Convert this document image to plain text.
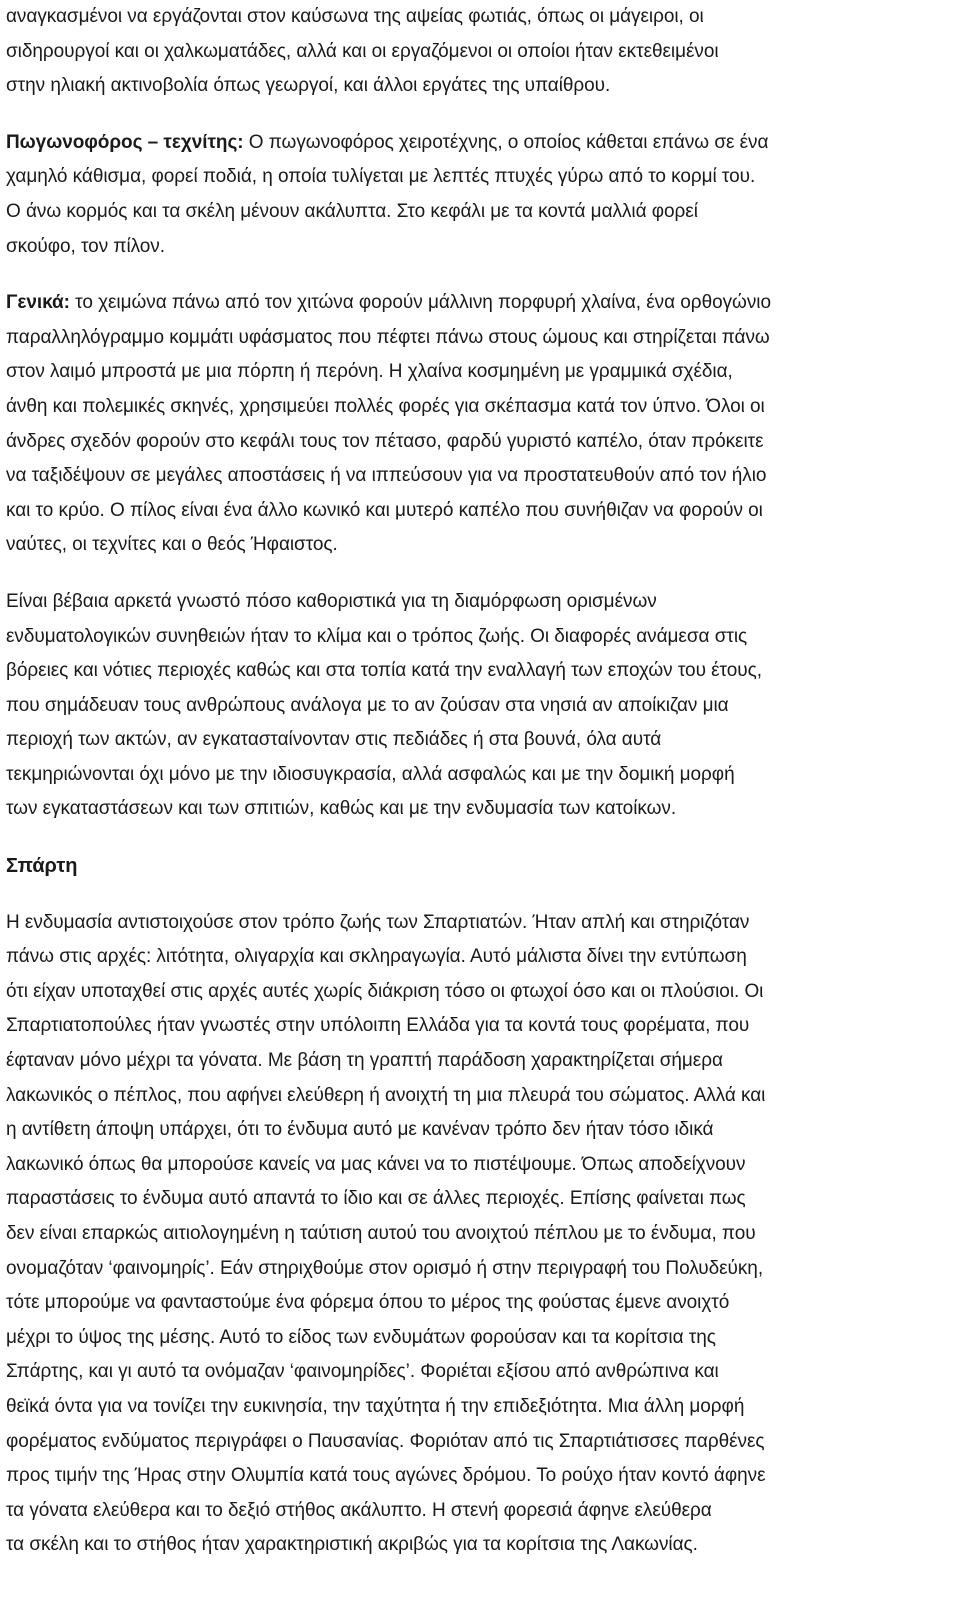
αναγκασμένοι να εργάζονται στον καύσωνα της αψείας φωτιάς, όπως οι μάγειροι, οι
σιδηρουργοί και οι χαλκωματάδες, αλλά και οι εργαζόμενοι οι οποίοι ήταν εκτεθειμένοι
στην ηλιακή ακτινοβολία όπως γεωργοί, και άλλοι εργάτες της υπαίθρου.
Πωγωνοφόρος – τεχνίτης: Ο πωγωνοφόρος χειροτέχνης, ο οποίος κάθεται επάνω σε ένα
χαμηλό κάθισμα, φορεί ποδιά, η οποία τυλίγεται με λεπτές πτυχές γύρω από το κορμί του.
Ο άνω κορμός και τα σκέλη μένουν ακάλυπτα. Στο κεφάλι με τα κοντά μαλλιά φορεί
σκούφο, τον πίλον.
Γενικά: το χειμώνα πάνω από τον χιτώνα φορούν μάλλινη πορφυρή χλαίνα, ένα ορθογώνιο
παραλληλόγραμμο κομμάτι υφάσματος που πέφτει πάνω στους ώμους και στηρίζεται πάνω
στον λαιμό μπροστά με μια πόρπη ή περόνη. Η χλαίνα κοσμημένη με γραμμικά σχέδια,
άνθη και πολεμικές σκηνές, χρησιμεύει πολλές φορές για σκέπασμα κατά τον ύπνο. Όλοι οι
άνδρες σχεδόν φορούν στο κεφάλι τους τον πέτασο, φαρδύ γυριστό καπέλο, όταν πρόκειτε
να ταξιδέψουν σε μεγάλες αποστάσεις ή να ιππεύσουν για να προστατευθούν από τον ήλιο
και το κρύο. Ο πίλος είναι ένα άλλο κωνικό και μυτερό καπέλο που συνήθιζαν να φορούν οι
ναύτες, οι τεχνίτες και ο θεός Ήφαιστος.
Είναι βέβαια αρκετά γνωστό πόσο καθοριστικά για τη διαμόρφωση ορισμένων
ενδυματολογικών συνηθειών ήταν το κλίμα και ο τρόπος ζωής. Οι διαφορές ανάμεσα στις
βόρειες και νότιες περιοχές καθώς και στα τοπία κατά την εναλλαγή των εποχών του έτους,
που σημάδευαν τους ανθρώπους ανάλογα με το αν ζούσαν στα νησιά αν αποίκιζαν μια
περιοχή των ακτών, αν εγκατασταίνονταν στις πεδιάδες ή στα βουνά, όλα αυτά
τεκμηριώνονται όχι μόνο με την ιδιοσυγκρασία, αλλά ασφαλώς και με την δομική μορφή
των εγκαταστάσεων και των σπιτιών, καθώς και με την ενδυμασία των κατοίκων.
Σπάρτη
Η ενδυμασία αντιστοιχούσε στον τρόπο ζωής των Σπαρτιατών. Ήταν απλή και στηριζόταν
πάνω στις αρχές: λιτότητα, ολιγαρχία και σκληραγωγία. Αυτό μάλιστα δίνει την εντύπωση
ότι είχαν υποταχθεί στις αρχές αυτές χωρίς διάκριση τόσο οι φτωχοί όσο και οι πλούσιοι. Οι
Σπαρτιατοπούλες ήταν γνωστές στην υπόλοιπη Ελλάδα για τα κοντά τους φορέματα, που
έφταναν μόνο μέχρι τα γόνατα. Με βάση τη γραπτή παράδοση χαρακτηρίζεται σήμερα
λακωνικός ο πέπλος, που αφήνει ελεύθερη ή ανοιχτή τη μια πλευρά του σώματος. Αλλά και
η αντίθετη άποψη υπάρχει, ότι το ένδυμα αυτό με κανέναν τρόπο δεν ήταν τόσο ιδικά
λακωνικό όπως θα μπορούσε κανείς να μας κάνει να το πιστέψουμε. Όπως αποδείχνουν
παραστάσεις το ένδυμα αυτό απαντά το ίδιο και σε άλλες περιοχές. Επίσης φαίνεται πως
δεν είναι επαρκώς αιτιολογημένη η ταύτιση αυτού του ανοιχτού πέπλου με το ένδυμα, που
ονομαζόταν ‘φαινομηρίς’. Εάν στηριχθούμε στον ορισμό ή στην περιγραφή του Πολυδεύκη,
τότε μπορούμε να φανταστούμε ένα φόρεμα όπου το μέρος της φούστας έμενε ανοιχτό
μέχρι το ύψος της μέσης. Αυτό το είδος των ενδυμάτων φορούσαν και τα κορίτσια της
Σπάρτης, και γι αυτό τα ονόμαζαν ‘φαινομηρίδες’. Φοριέται εξίσου από ανθρώπινα και
θεϊκά όντα για να τονίζει την ευκινησία, την ταχύτητα ή την επιδεξιότητα. Μια άλλη μορφή
φορέματος ενδύματος περιγράφει ο Παυσανίας. Φοριόταν από τις Σπαρτιάτισσες παρθένες
προς τιμήν της Ήρας στην Ολυμπία κατά τους αγώνες δρόμου. Το ρούχο ήταν κοντό άφηνε
τα γόνατα ελεύθερα και το δεξιό στήθος ακάλυπτο. Η στενή φορεσιά άφηνε ελεύθερα
τα σκέλη και το στήθος ήταν χαρακτηριστική ακριβώς για τα κορίτσια της Λακωνίας.
